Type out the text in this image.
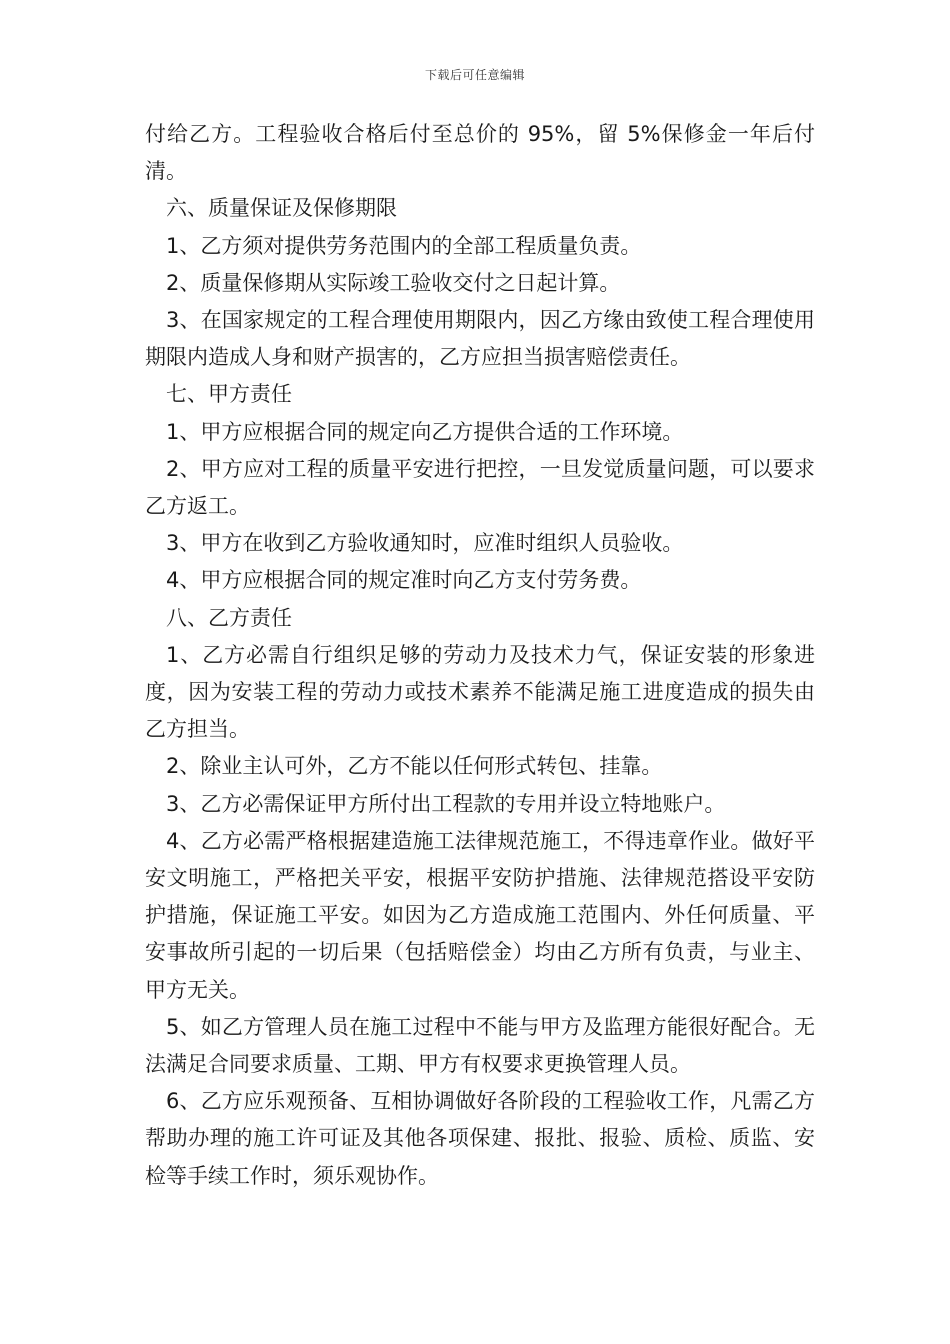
下载后可任意编辑

付给乙方。工程验收合格后付至总价的 95%，留 5%保修金一年后付清。

六、质量保证及保修期限

1、乙方须对提供劳务范围内的全部工程质量负责。

2、质量保修期从实际竣工验收交付之日起计算。

3、在国家规定的工程合理使用期限内，因乙方缘由致使工程合理使用期限内造成人身和财产损害的，乙方应担当损害赔偿责任。

七、甲方责任

1、甲方应根据合同的规定向乙方提供合适的工作环境。

2、甲方应对工程的质量平安进行把控，一旦发觉质量问题，可以要求乙方返工。

3、甲方在收到乙方验收通知时，应准时组织人员验收。

4、甲方应根据合同的规定准时向乙方支付劳务费。

八、乙方责任

1、乙方必需自行组织足够的劳动力及技术力气，保证安装的形象进度，因为安装工程的劳动力或技术素养不能满足施工进度造成的损失由乙方担当。

2、除业主认可外，乙方不能以任何形式转包、挂靠。

3、乙方必需保证甲方所付出工程款的专用并设立特地账户。

4、乙方必需严格根据建造施工法律规范施工，不得违章作业。做好平安文明施工，严格把关平安，根据平安防护措施、法律规范搭设平安防护措施，保证施工平安。如因为乙方造成施工范围内、外任何质量、平安事故所引起的一切后果（包括赔偿金）均由乙方所有负责，与业主、甲方无关。

5、如乙方管理人员在施工过程中不能与甲方及监理方能很好配合。无法满足合同要求质量、工期、甲方有权要求更换管理人员。

6、乙方应乐观预备、互相协调做好各阶段的工程验收工作，凡需乙方帮助办理的施工许可证及其他各项保建、报批、报验、质检、质监、安检等手续工作时，须乐观协作。
